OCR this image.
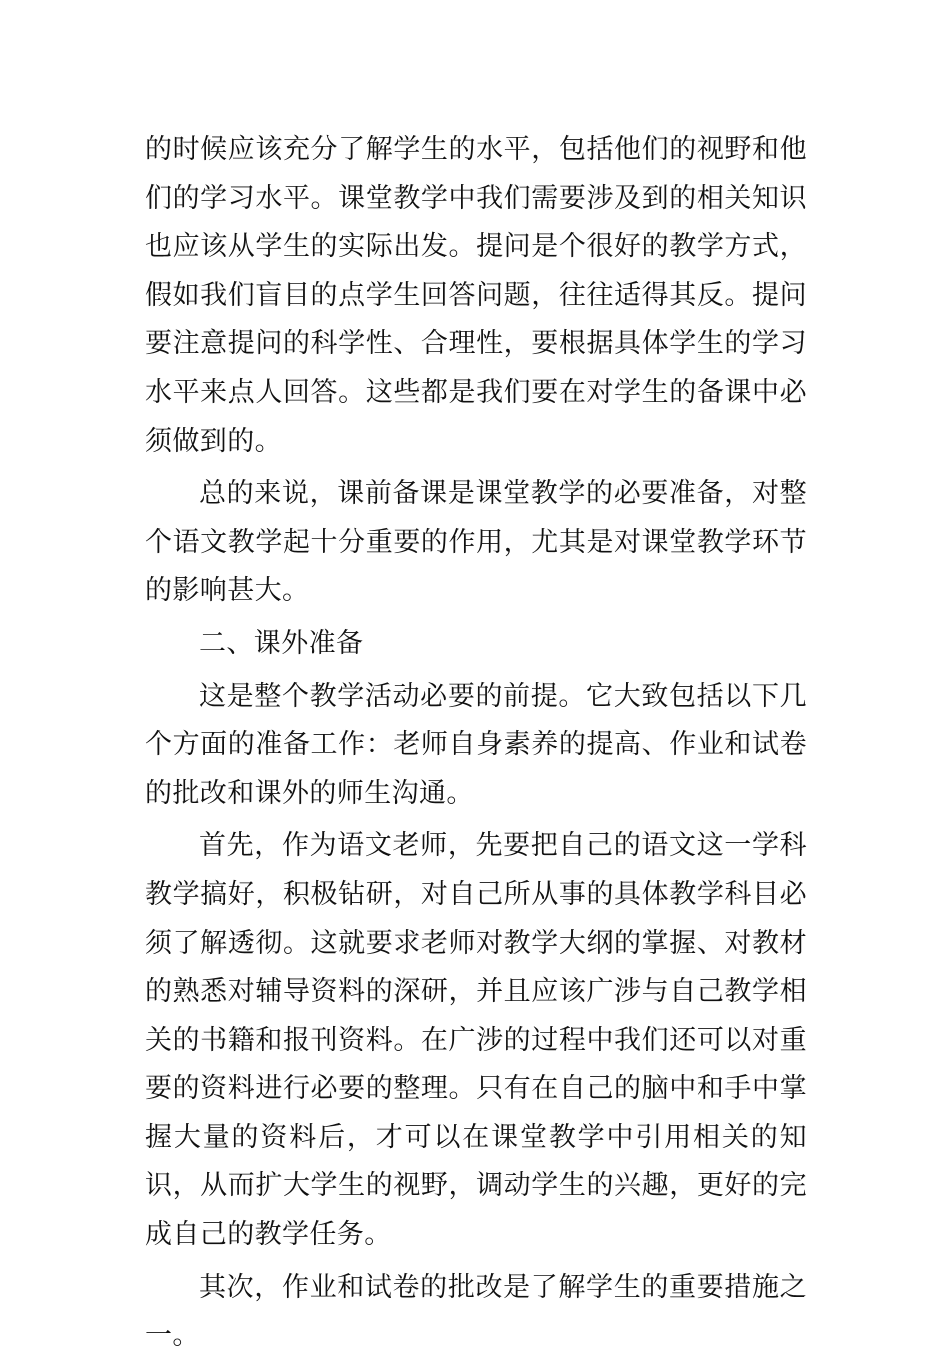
的时候应该充分了解学生的水平，包括他们的视野和他们的学习水平。课堂教学中我们需要涉及到的相关知识也应该从学生的实际出发。提问是个很好的教学方式，假如我们盲目的点学生回答问题，往往适得其反。提问要注意提问的科学性、合理性，要根据具体学生的学习水平来点人回答。这些都是我们要在对学生的备课中必须做到的。

总的来说，课前备课是课堂教学的必要准备，对整个语文教学起十分重要的作用，尤其是对课堂教学环节的影响甚大。

二、课外准备

这是整个教学活动必要的前提。它大致包括以下几个方面的准备工作：老师自身素养的提高、作业和试卷的批改和课外的师生沟通。

首先，作为语文老师，先要把自己的语文这一学科教学搞好，积极钻研，对自己所从事的具体教学科目必须了解透彻。这就要求老师对教学大纲的掌握、对教材的熟悉对辅导资料的深研，并且应该广涉与自己教学相关的书籍和报刊资料。在广涉的过程中我们还可以对重要的资料进行必要的整理。只有在自己的脑中和手中掌握大量的资料后，才可以在课堂教学中引用相关的知识，从而扩大学生的视野，调动学生的兴趣，更好的完成自己的教学任务。

其次，作业和试卷的批改是了解学生的重要措施之一。
